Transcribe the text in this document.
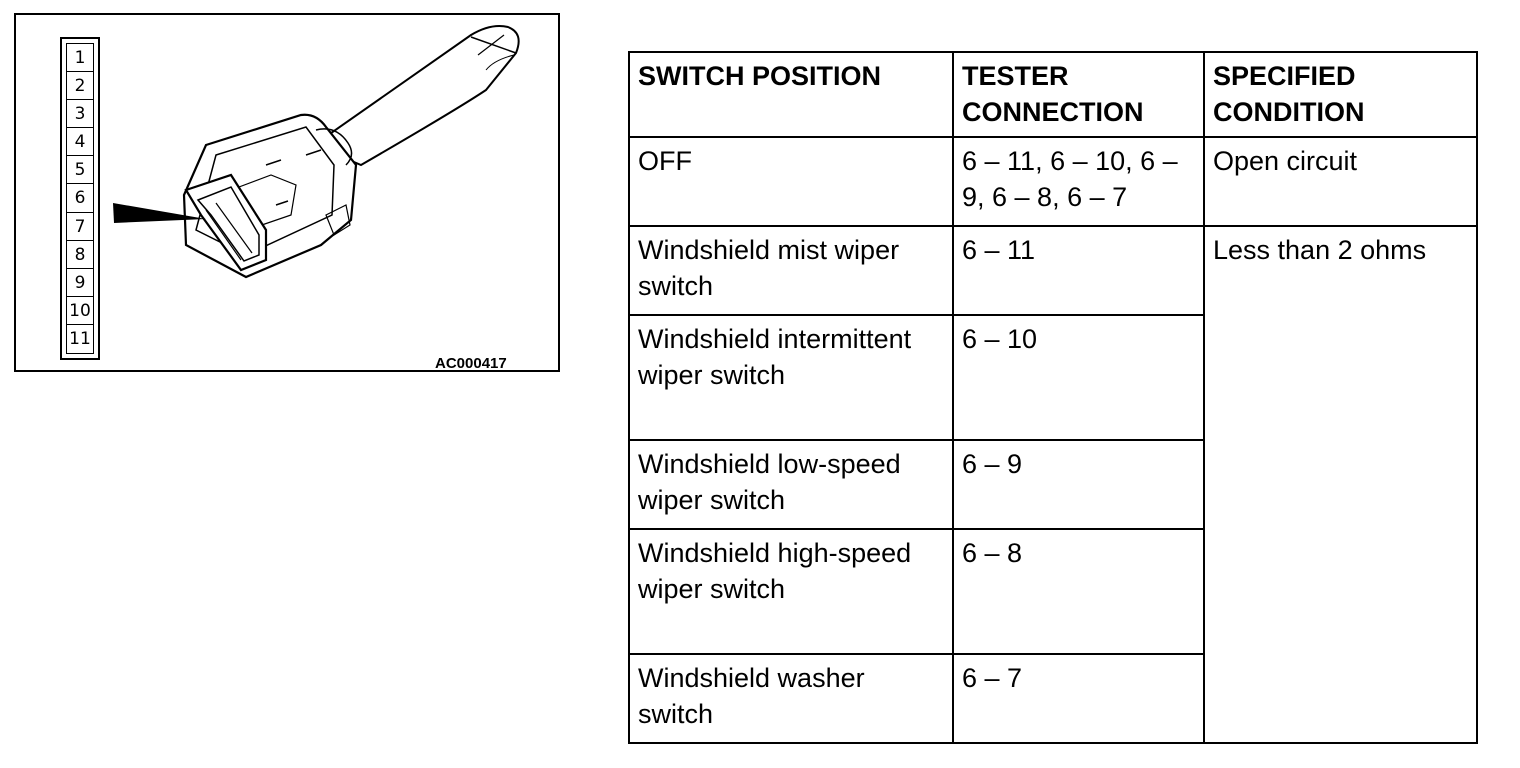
1
2
3
4
5
6
7
8
9
10
11
AC000417
SWITCH POSITION	TESTER CONNECTION	SPECIFIED CONDITION
OFF	6 – 11, 6 – 10, 6 – 9, 6 – 8, 6 – 7	Open circuit
Windshield mist wiper switch	6 – 11	Less than 2 ohms
Windshield intermittent wiper switch	6 – 10	
Windshield low-speed wiper switch	6 – 9	
Windshield high-speed wiper switch	6 – 8	
Windshield washer switch	6 – 7	
